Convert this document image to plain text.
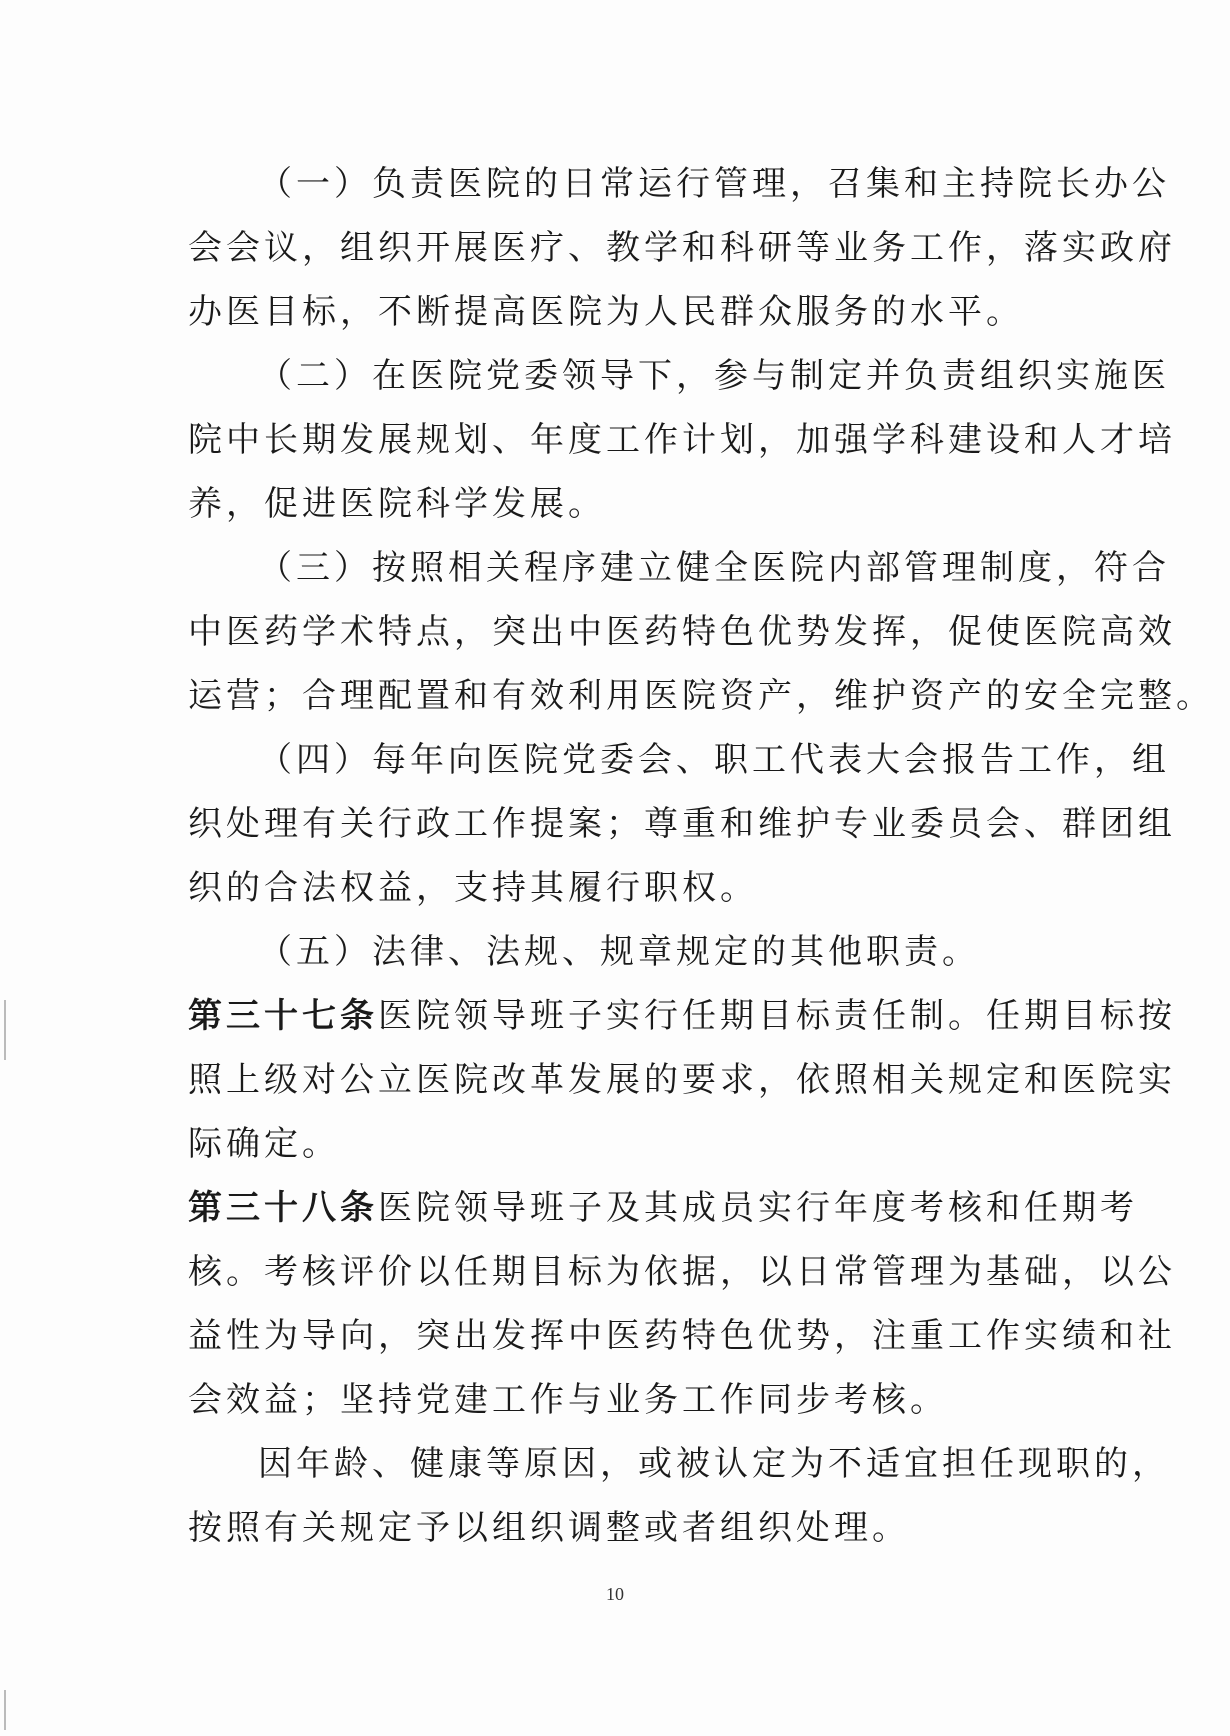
（一）负责医院的日常运行管理，召集和主持院长办公
会会议，组织开展医疗、教学和科研等业务工作，落实政府
办医目标，不断提高医院为人民群众服务的水平。
（二）在医院党委领导下，参与制定并负责组织实施医
院中长期发展规划、年度工作计划，加强学科建设和人才培
养，促进医院科学发展。
（三）按照相关程序建立健全医院内部管理制度，符合
中医药学术特点，突出中医药特色优势发挥，促使医院高效
运营；合理配置和有效利用医院资产，维护资产的安全完整。
（四）每年向医院党委会、职工代表大会报告工作，组
织处理有关行政工作提案；尊重和维护专业委员会、群团组
织的合法权益，支持其履行职权。
（五）法律、法规、规章规定的其他职责。
第三十七条医院领导班子实行任期目标责任制。任期目标按
照上级对公立医院改革发展的要求，依照相关规定和医院实
际确定。
第三十八条医院领导班子及其成员实行年度考核和任期考
核。考核评价以任期目标为依据，以日常管理为基础，以公
益性为导向，突出发挥中医药特色优势，注重工作实绩和社
会效益；坚持党建工作与业务工作同步考核。
因年龄、健康等原因，或被认定为不适宜担任现职的，
按照有关规定予以组织调整或者组织处理。
10
